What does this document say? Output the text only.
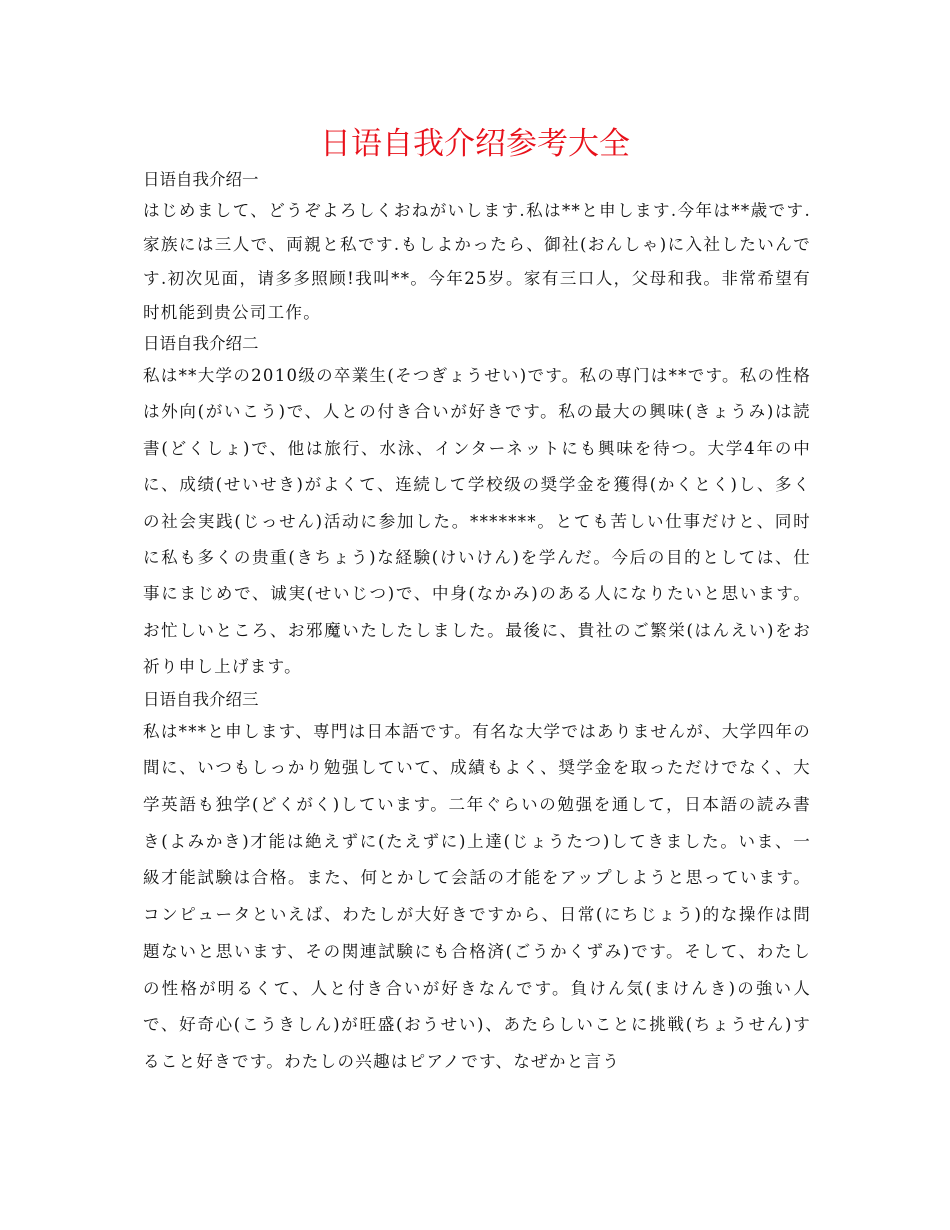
日语自我介绍参考大全

日语自我介绍一

はじめまして、どうぞよろしくおねがいします.私は**と申します.今年は**歳です.家族には三人で、両親と私です.もしよかったら、御社(おんしゃ)に入社したいんです.初次见面，请多多照顾!我叫**。今年25岁。家有三口人，父母和我。非常希望有时机能到贵公司工作。

日语自我介绍二

私は**大学の2010级の卒業生(そつぎょうせい)です。私の専门は**です。私の性格は外向(がいこう)で、人との付き合いが好きです。私の最大の興味(きょうみ)は読書(どくしょ)で、他は旅行、水泳、インターネットにも興味を待つ。大学4年の中に、成绩(せいせき)がよくて、连続して学校级の奨学金を獲得(かくとく)し、多くの社会実践(じっせん)活动に参加した。*******。とても苦しい仕事だけと、同时に私も多くの贵重(きちょう)な経験(けいけん)を学んだ。今后の目的としては、仕事にまじめで、诚実(せいじつ)で、中身(なかみ)のある人になりたいと思います。お忙しいところ、お邪魔いたしたしました。最後に、貴社のご繁栄(はんえい)をお祈り申し上げます。

日语自我介绍三

私は***と申します、専門は日本語です。有名な大学ではありませんが、大学四年の間に、いつもしっかり勉强していて、成績もよく、奨学金を取っただけでなく、大学英語も独学(どくがく)しています。二年ぐらいの勉强を通して，日本語の読み書き(よみかき)才能は絶えずに(たえずに)上達(じょうたつ)してきました。いま、一級才能試験は合格。また、何とかして会話の才能をアップしようと思っています。コンピュータといえば、わたしが大好きですから、日常(にちじょう)的な操作は問題ないと思います、その関連試験にも合格済(ごうかくずみ)です。そして、わたしの性格が明るくて、人と付き合いが好きなんです。負けん気(まけんき)の強い人で、好奇心(こうきしん)が旺盛(おうせい)、あたらしいことに挑戦(ちょうせん)すること好きです。わたしの兴趣はピアノです、なぜかと言う
